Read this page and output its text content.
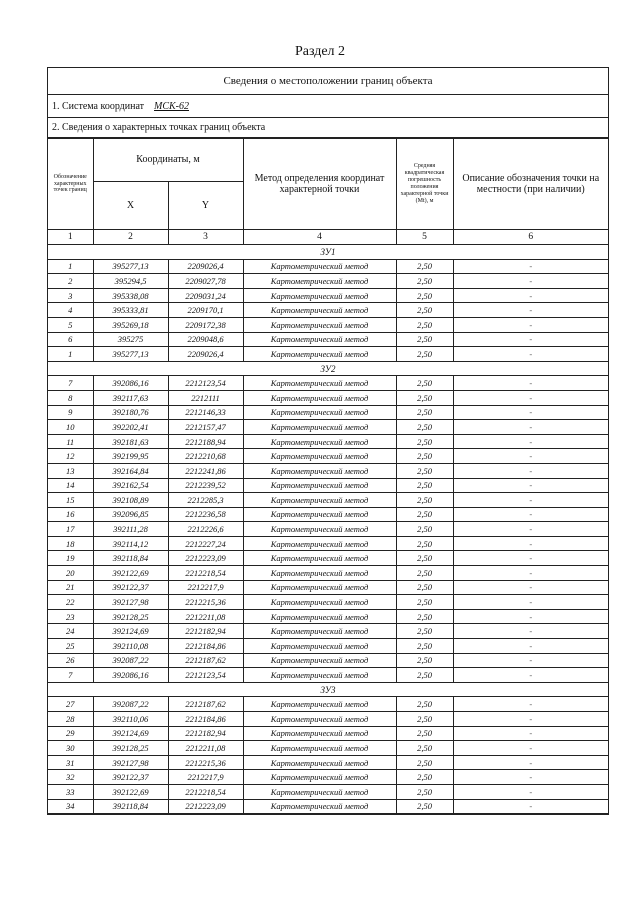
Раздел 2
Сведения о местоположении границ объекта
1. Система координат МСК-62
2. Сведения о характерных точках границ объекта
Обозначение характерных точек границ	Координаты, м		Метод определения координат характерной точки	Средняя квадратическая погрешность положения характерной точки (Mt), м	Описание обозначения точки на местности (при наличии)
	X	Y			
1	2	3	4	5	6
ЗУ1					
1	395277,13	2209026,4	Картометрический метод	2,50	-
2	395294,5	2209027,78	Картометрический метод	2,50	-
3	395338,08	2209031,24	Картометрический метод	2,50	-
4	395333,81	2209170,1	Картометрический метод	2,50	-
5	395269,18	2209172,38	Картометрический метод	2,50	-
6	395275	2209048,6	Картометрический метод	2,50	-
1	395277,13	2209026,4	Картометрический метод	2,50	-
ЗУ2					
7	392086,16	2212123,54	Картометрический метод	2,50	-
8	392117,63	2212111	Картометрический метод	2,50	-
9	392180,76	2212146,33	Картометрический метод	2,50	-
10	392202,41	2212157,47	Картометрический метод	2,50	-
11	392181,63	2212188,94	Картометрический метод	2,50	-
12	392199,95	2212210,68	Картометрический метод	2,50	-
13	392164,84	2212241,86	Картометрический метод	2,50	-
14	392162,54	2212239,52	Картометрический метод	2,50	-
15	392108,89	2212285,3	Картометрический метод	2,50	-
16	392096,85	2212236,58	Картометрический метод	2,50	-
17	392111,28	2212226,6	Картометрический метод	2,50	-
18	392114,12	2212227,24	Картометрический метод	2,50	-
19	392118,84	2212223,09	Картометрический метод	2,50	-
20	392122,69	2212218,54	Картометрический метод	2,50	-
21	392122,37	2212217,9	Картометрический метод	2,50	-
22	392127,98	2212215,36	Картометрический метод	2,50	-
23	392128,25	2212211,08	Картометрический метод	2,50	-
24	392124,69	2212182,94	Картометрический метод	2,50	-
25	392110,08	2212184,86	Картометрический метод	2,50	-
26	392087,22	2212187,62	Картометрический метод	2,50	-
7	392086,16	2212123,54	Картометрический метод	2,50	-
ЗУ3					
27	392087,22	2212187,62	Картометрический метод	2,50	-
28	392110,06	2212184,86	Картометрический метод	2,50	-
29	392124,69	2212182,94	Картометрический метод	2,50	-
30	392128,25	2212211,08	Картометрический метод	2,50	-
31	392127,98	2212215,36	Картометрический метод	2,50	-
32	392122,37	2212217,9	Картометрический метод	2,50	-
33	392122,69	2212218,54	Картометрический метод	2,50	-
34	392118,84	2212223,09	Картометрический метод	2,50	-
